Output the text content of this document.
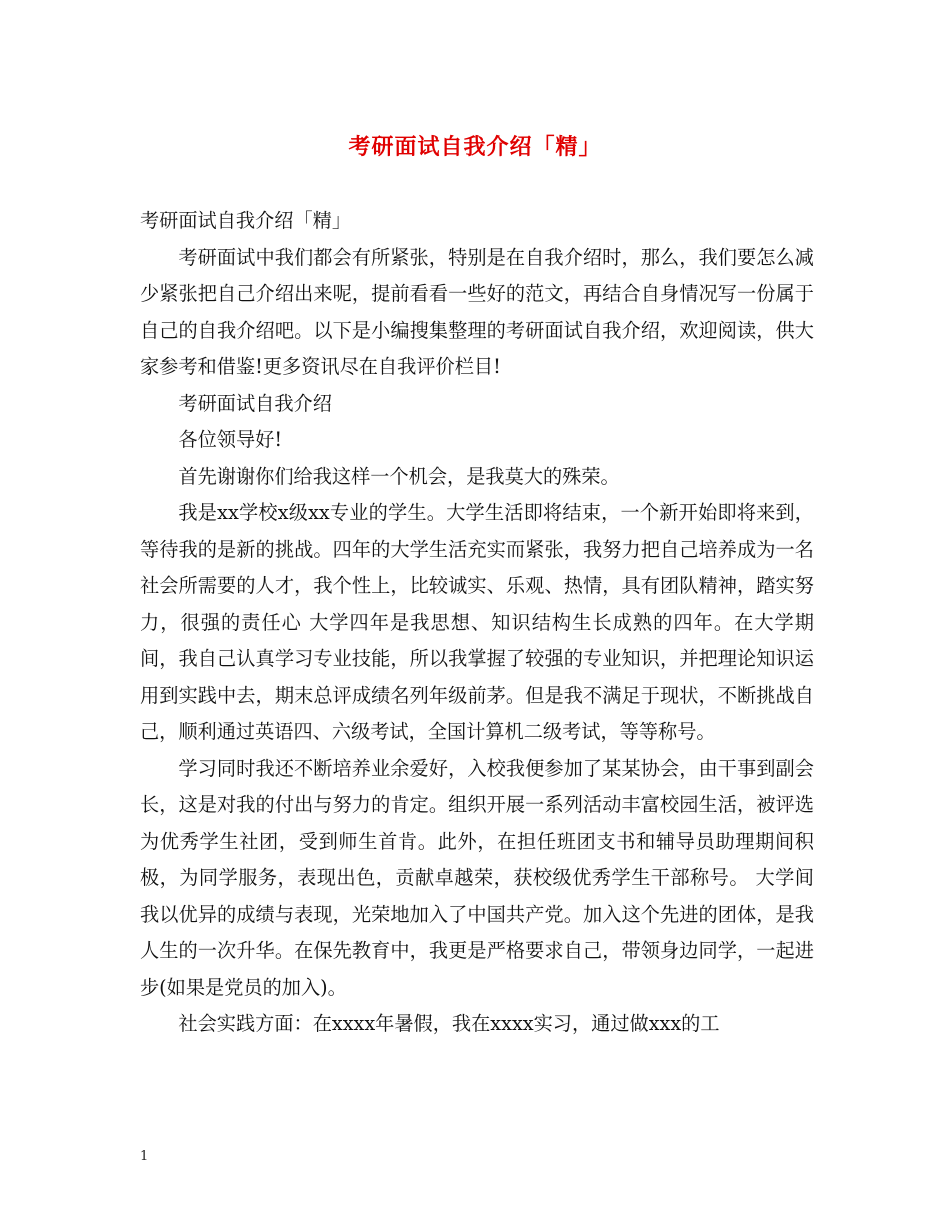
考研面试自我介绍「精」

考研面试自我介绍「精」

考研面试中我们都会有所紧张，特别是在自我介绍时，那么，我们要怎么减少紧张把自己介绍出来呢，提前看看一些好的范文，再结合自身情况写一份属于自己的自我介绍吧。以下是小编搜集整理的考研面试自我介绍，欢迎阅读，供大家参考和借鉴!更多资讯尽在自我评价栏目!

考研面试自我介绍

各位领导好!

首先谢谢你们给我这样一个机会，是我莫大的殊荣。

我是xx学校x级xx专业的学生。大学生活即将结束，一个新开始即将来到，等待我的是新的挑战。四年的大学生活充实而紧张，我努力把自己培养成为一名社会所需要的人才，我个性上，比较诚实、乐观、热情，具有团队精神，踏实努力，很强的责任心 大学四年是我思想、知识结构生长成熟的四年。在大学期间，我自己认真学习专业技能，所以我掌握了较强的专业知识，并把理论知识运用到实践中去，期末总评成绩名列年级前茅。但是我不满足于现状，不断挑战自己，顺利通过英语四、六级考试，全国计算机二级考试，等等称号。

学习同时我还不断培养业余爱好，入校我便参加了某某协会，由干事到副会长，这是对我的付出与努力的肯定。组织开展一系列活动丰富校园生活，被评选为优秀学生社团，受到师生首肯。此外，在担任班团支书和辅导员助理期间积极，为同学服务，表现出色，贡献卓越荣，获校级优秀学生干部称号。 大学间我以优异的成绩与表现，光荣地加入了中国共产党。加入这个先进的团体，是我人生的一次升华。在保先教育中，我更是严格要求自己，带领身边同学，一起进步(如果是党员的加入)。

社会实践方面：在xxxx年暑假，我在xxxx实习，通过做xxx的工

1
